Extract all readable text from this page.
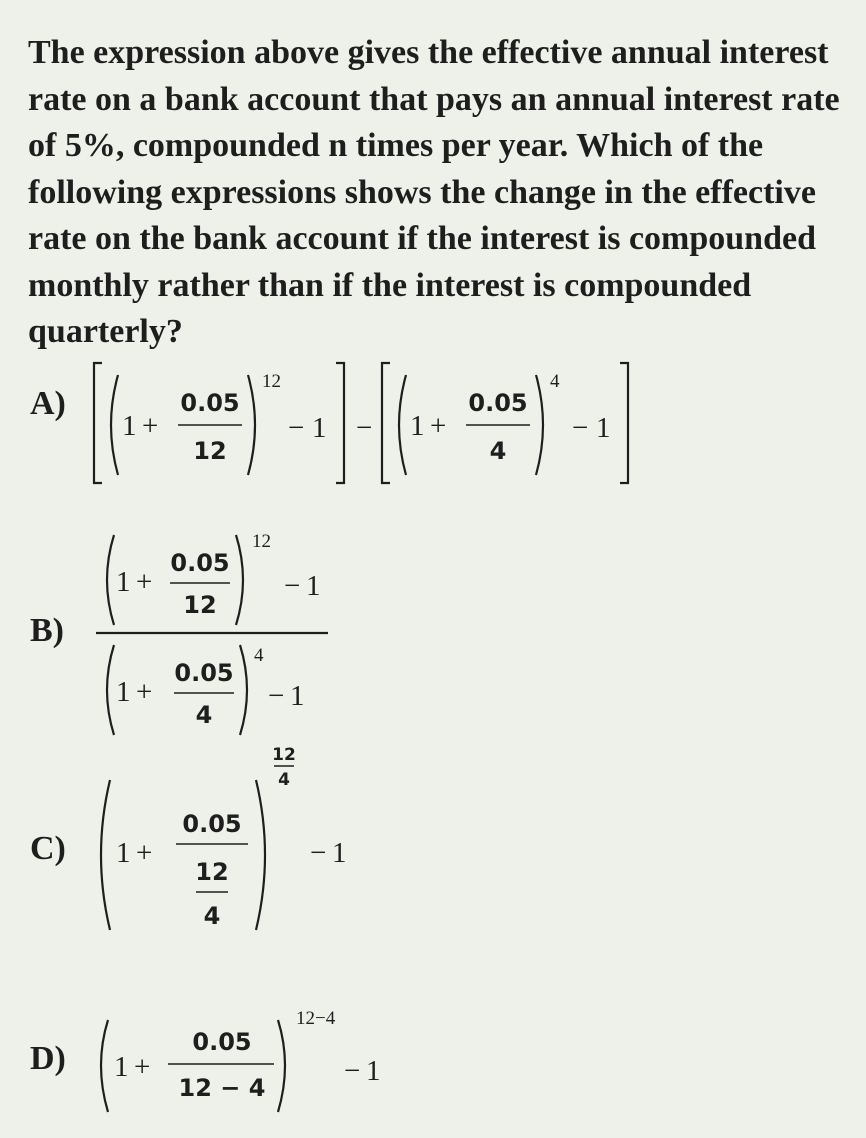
The expression above gives the effective annual interest rate on a bank account that pays an annual interest rate of 5%, compounded n times per year. Which of the following expressions shows the change in the effective rate on the bank account if the interest is compounded monthly rather than if the interest is compounded quarterly?

A)
1 +
0.05
12
12
− 1 − 1 +
0.05
4
4
− 1
B)
1 +
0.05
12
12
− 1
1 +
0.05
4
4
− 1
C) 1 +
0.05
12
4
12
4
− 1
D) 1 +
0.05
12 − 4
12−4
− 1
